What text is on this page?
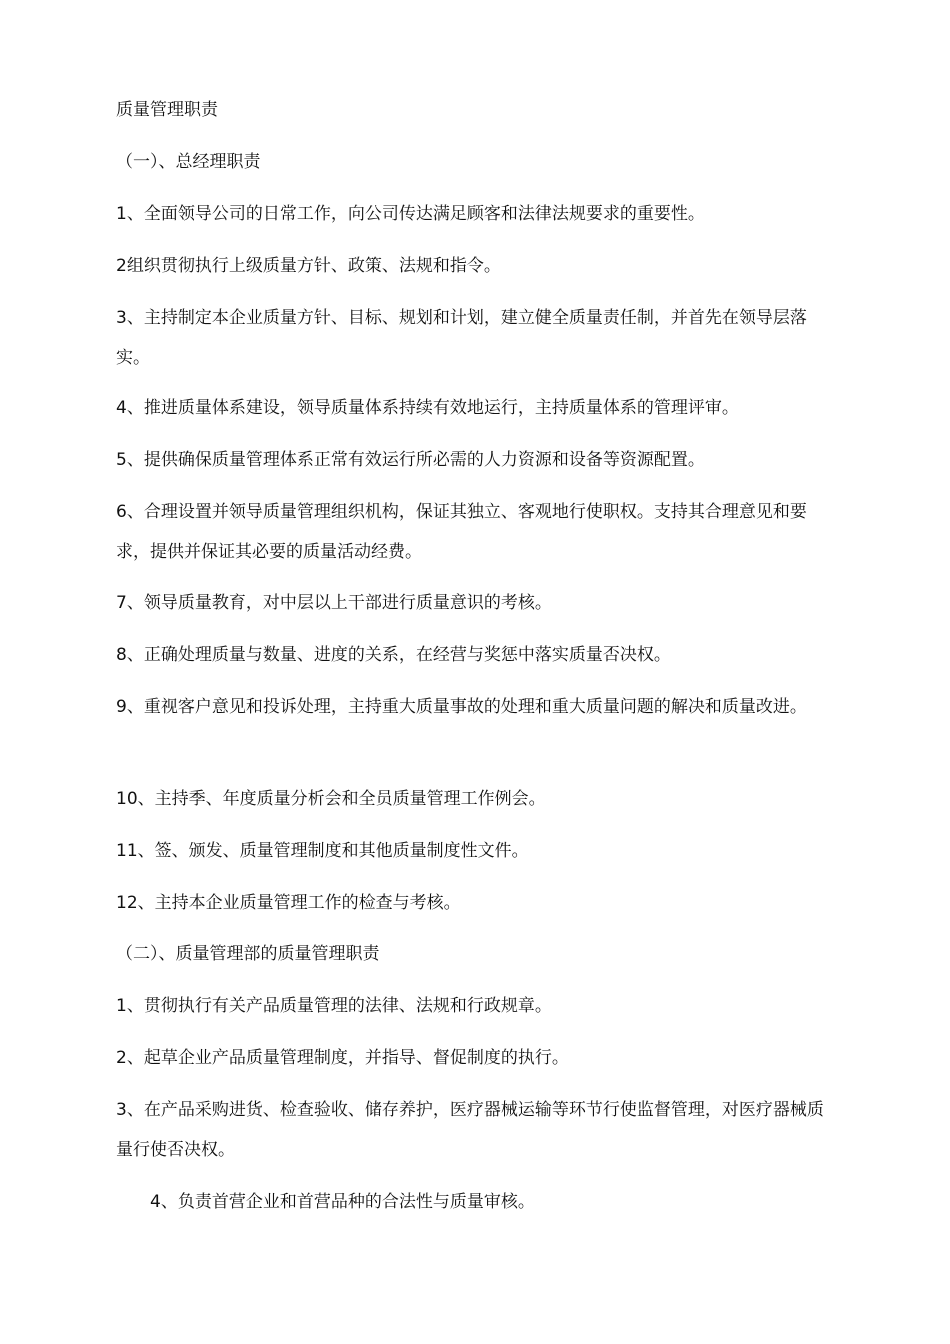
质量管理职责
（一）、总经理职责
1、全面领导公司的日常工作，向公司传达满足顾客和法律法规要求的重要性。
2组织贯彻执行上级质量方针、政策、法规和指令。
3、主持制定本企业质量方针、目标、规划和计划，建立健全质量责任制，并首先在领导层落实。
4、推进质量体系建设，领导质量体系持续有效地运行，主持质量体系的管理评审。
5、提供确保质量管理体系正常有效运行所必需的人力资源和设备等资源配置。
6、合理设置并领导质量管理组织机构，保证其独立、客观地行使职权。支持其合理意见和要求，提供并保证其必要的质量活动经费。
7、领导质量教育，对中层以上干部进行质量意识的考核。
8、正确处理质量与数量、进度的关系，在经营与奖惩中落实质量否决权。
9、重视客户意见和投诉处理，主持重大质量事故的处理和重大质量问题的解决和质量改进。
10、主持季、年度质量分析会和全员质量管理工作例会。
11、签、颁发、质量管理制度和其他质量制度性文件。
12、主持本企业质量管理工作的检查与考核。
（二）、质量管理部的质量管理职责
1、贯彻执行有关产品质量管理的法律、法规和行政规章。
2、起草企业产品质量管理制度，并指导、督促制度的执行。
3、在产品采购进货、检查验收、储存养护，医疗器械运输等环节行使监督管理，对医疗器械质量行使否决权。
4、负责首营企业和首营品种的合法性与质量审核。
